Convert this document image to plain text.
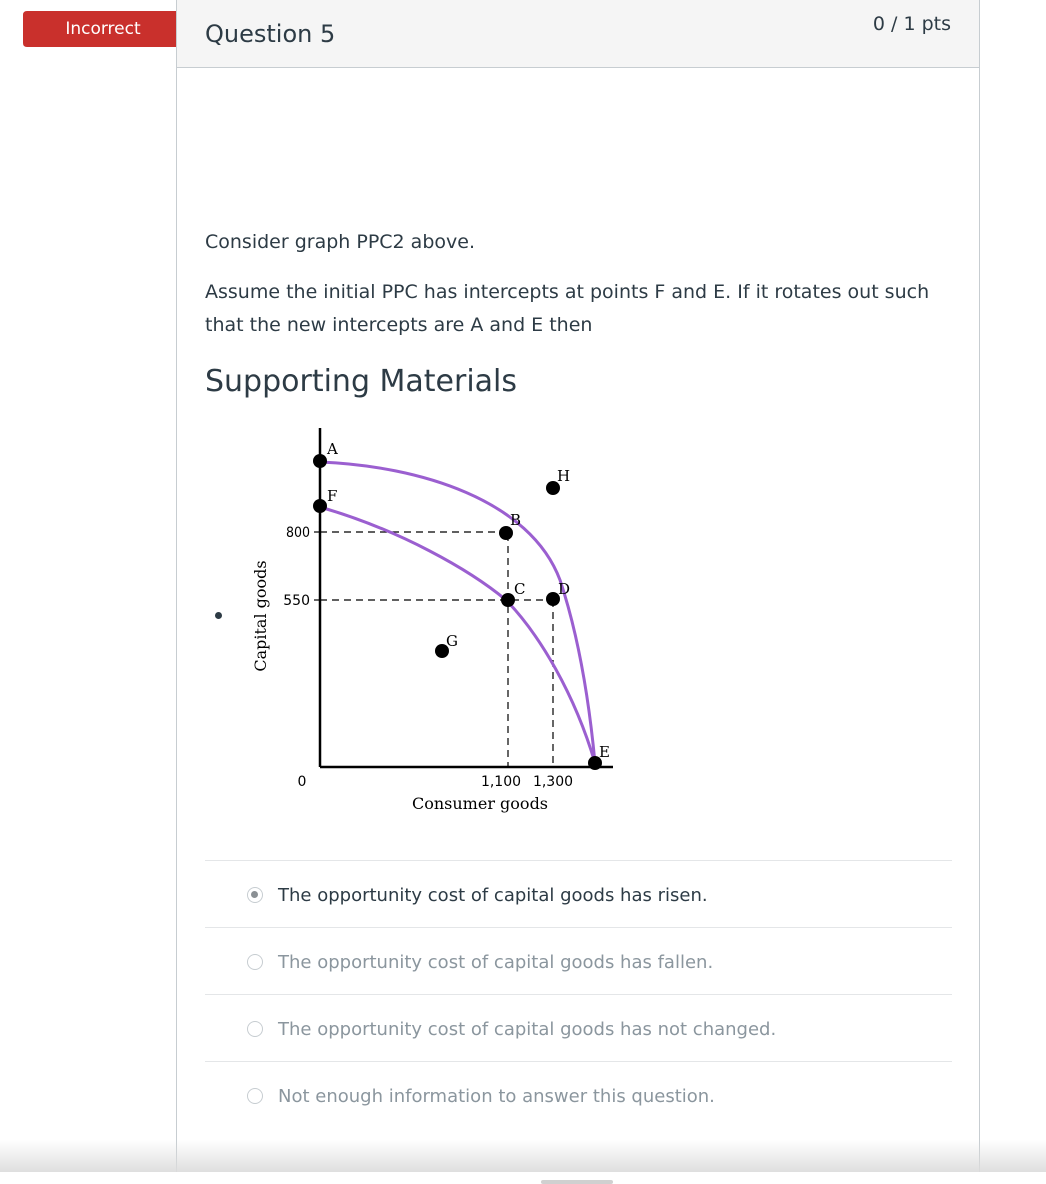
Incorrect	Question 5	0 / 1 pts
Consider graph PPC2 above.
Assume the initial PPC has intercepts at points F and E. If it rotates out such that the new intercepts are A and E then
Supporting Materials
A
F
B
C D
E
G
H
800
550
0	1,100 1,300
Consumer goods
Capital goods
The opportunity cost of capital goods has risen.
The opportunity cost of capital goods has fallen.
The opportunity cost of capital goods has not changed.
Not enough information to answer this question.
